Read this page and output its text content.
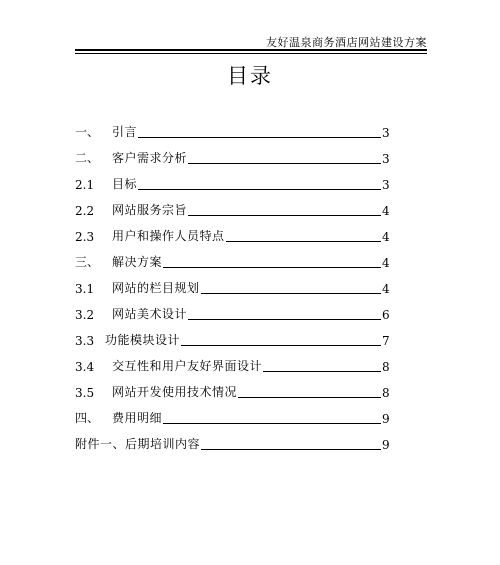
友好温泉商务酒店网站建设方案
目录
一、	引言	3
二、	客户需求分析	3
2.1	目标	3
2.2	网站服务宗旨	4
2.3	用户和操作人员特点	4
三、	解决方案	4
3.1	网站的栏目规划	4
3.2	网站美术设计	6
3.3 功能模块设计	7
3.4	交互性和用户友好界面设计	8
3.5	网站开发使用技术情况	8
四、	费用明细	9
附件一、后期培训内容	9
